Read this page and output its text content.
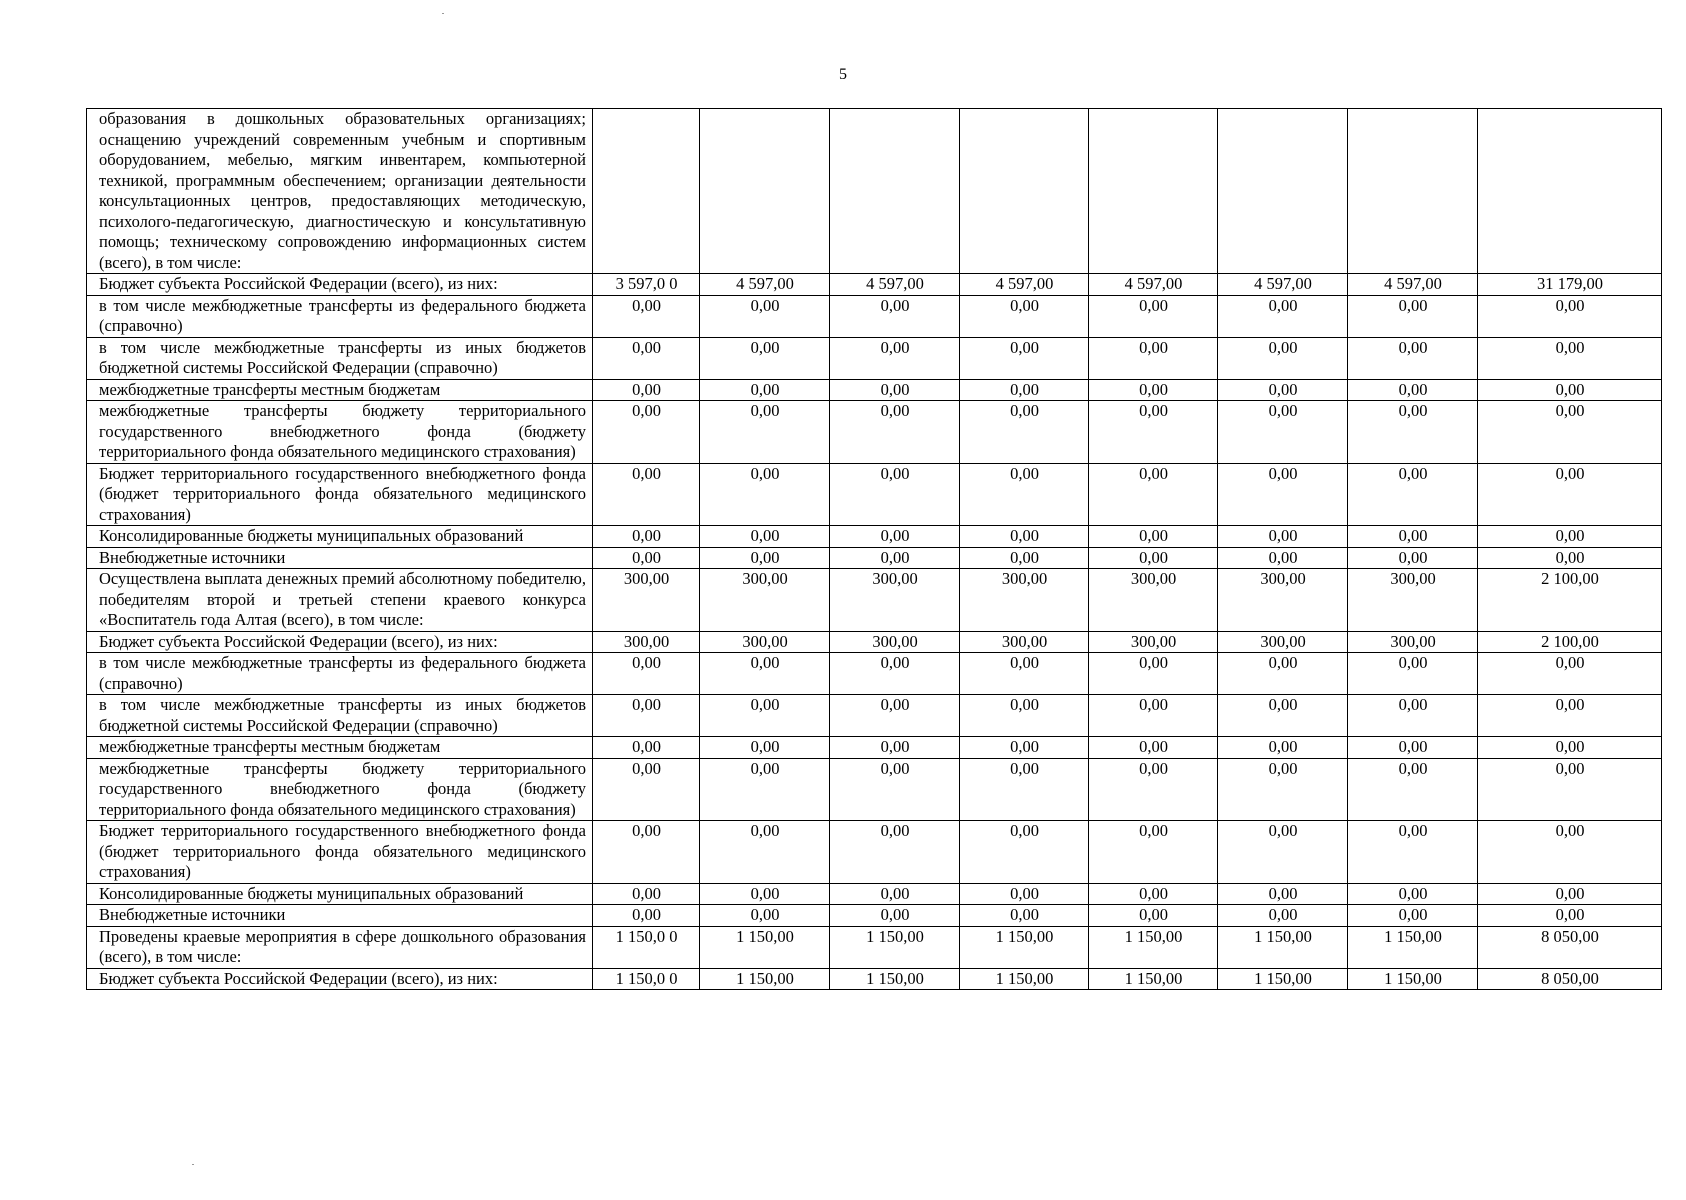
5
образования в дошкольных образовательных организациях; оснащению учреждений современным учебным и спортивным оборудованием, мебелью, мягким инвентарем, компьютерной техникой, программным обеспечением; организации деятельности консультационных центров, предоставляющих методическую, психолого-педагогическую, диагностическую и консультативную помощь; техническому сопровождению информационных систем (всего), в том числе:								
Бюджет субъекта Российской Федерации (всего), из них:	3 597,0 0	4 597,00	4 597,00	4 597,00	4 597,00	4 597,00	4 597,00	31 179,00
в том числе межбюджетные трансферты из федерального бюджета (справочно)	0,00	0,00	0,00	0,00	0,00	0,00	0,00	0,00
в том числе межбюджетные трансферты из иных бюджетов бюджетной системы Российской Федерации (справочно)	0,00	0,00	0,00	0,00	0,00	0,00	0,00	0,00
межбюджетные трансферты местным бюджетам	0,00	0,00	0,00	0,00	0,00	0,00	0,00	0,00
межбюджетные трансферты бюджету территориального государственного внебюджетного фонда (бюджету территориального фонда обязательного медицинского страхования)	0,00	0,00	0,00	0,00	0,00	0,00	0,00	0,00
Бюджет территориального государственного внебюджетного фонда (бюджет территориального фонда обязательного медицинского страхования)	0,00	0,00	0,00	0,00	0,00	0,00	0,00	0,00
Консолидированные бюджеты муниципальных образований	0,00	0,00	0,00	0,00	0,00	0,00	0,00	0,00
Внебюджетные источники	0,00	0,00	0,00	0,00	0,00	0,00	0,00	0,00
Осуществлена выплата денежных премий абсолютному победителю, победителям второй и третьей степени краевого конкурса «Воспитатель года Алтая (всего), в том числе:	300,00	300,00	300,00	300,00	300,00	300,00	300,00	2 100,00
Бюджет субъекта Российской Федерации (всего), из них:	300,00	300,00	300,00	300,00	300,00	300,00	300,00	2 100,00
в том числе межбюджетные трансферты из федерального бюджета (справочно)	0,00	0,00	0,00	0,00	0,00	0,00	0,00	0,00
в том числе межбюджетные трансферты из иных бюджетов бюджетной системы Российской Федерации (справочно)	0,00	0,00	0,00	0,00	0,00	0,00	0,00	0,00
межбюджетные трансферты местным бюджетам	0,00	0,00	0,00	0,00	0,00	0,00	0,00	0,00
межбюджетные трансферты бюджету территориального государственного внебюджетного фонда (бюджету территориального фонда обязательного медицинского страхования)	0,00	0,00	0,00	0,00	0,00	0,00	0,00	0,00
Бюджет территориального государственного внебюджетного фонда (бюджет территориального фонда обязательного медицинского страхования)	0,00	0,00	0,00	0,00	0,00	0,00	0,00	0,00
Консолидированные бюджеты муниципальных образований	0,00	0,00	0,00	0,00	0,00	0,00	0,00	0,00
Внебюджетные источники	0,00	0,00	0,00	0,00	0,00	0,00	0,00	0,00
Проведены краевые мероприятия в сфере дошкольного образования (всего), в том числе:	1 150,0 0	1 150,00	1 150,00	1 150,00	1 150,00	1 150,00	1 150,00	8 050,00
Бюджет субъекта Российской Федерации (всего), из них:	1 150,0 0	1 150,00	1 150,00	1 150,00	1 150,00	1 150,00	1 150,00	8 050,00
